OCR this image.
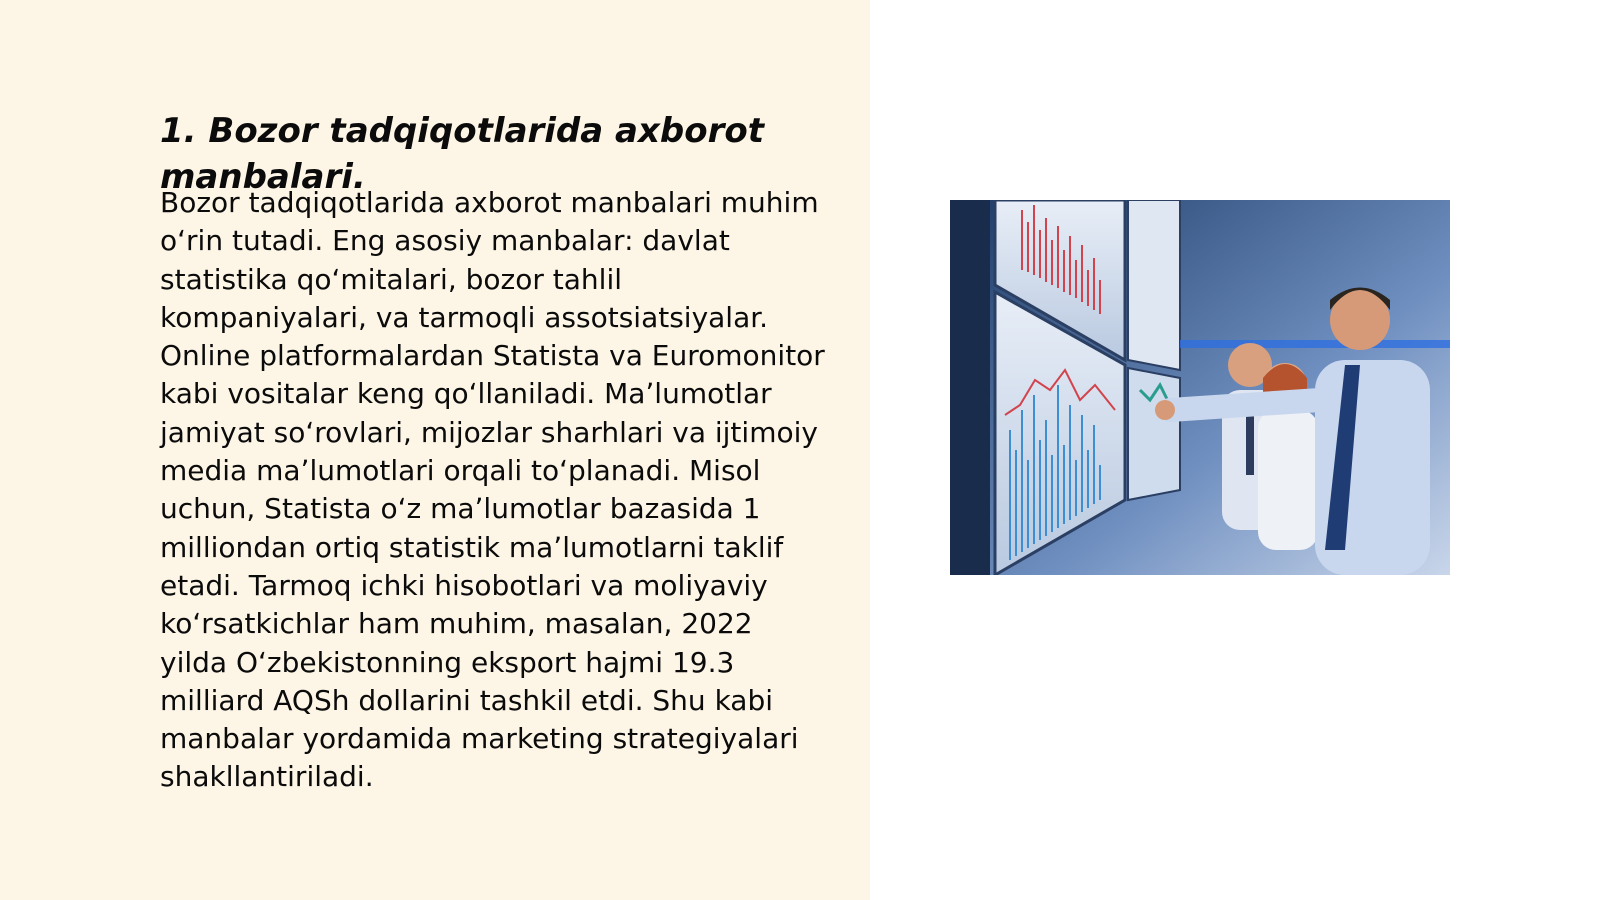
1. Bozor tadqiqotlarida axborot manbalari.

Bozor tadqiqotlarida axborot manbalari muhim oʻrin tutadi. Eng asosiy manbalar: davlat statistika qoʻmitalari, bozor tahlil kompaniyalari, va tarmoqli assotsiatsiyalar. Online platformalardan Statista va Euromonitor kabi vositalar keng qoʻllaniladi. Maʼlumotlar jamiyat soʻrovlari, mijozlar sharhlari va ijtimoiy media maʼlumotlari orqali toʻplanadi. Misol uchun, Statista oʻz maʼlumotlar bazasida 1 milliondan ortiq statistik maʼlumotlarni taklif etadi. Tarmoq ichki hisobotlari va moliyaviy koʻrsatkichlar ham muhim, masalan, 2022 yilda Oʻzbekistonning eksport hajmi 19.3 milliard AQSh dollarini tashkil etdi. Shu kabi manbalar yordamida marketing strategiyalari shakllantiriladi.
